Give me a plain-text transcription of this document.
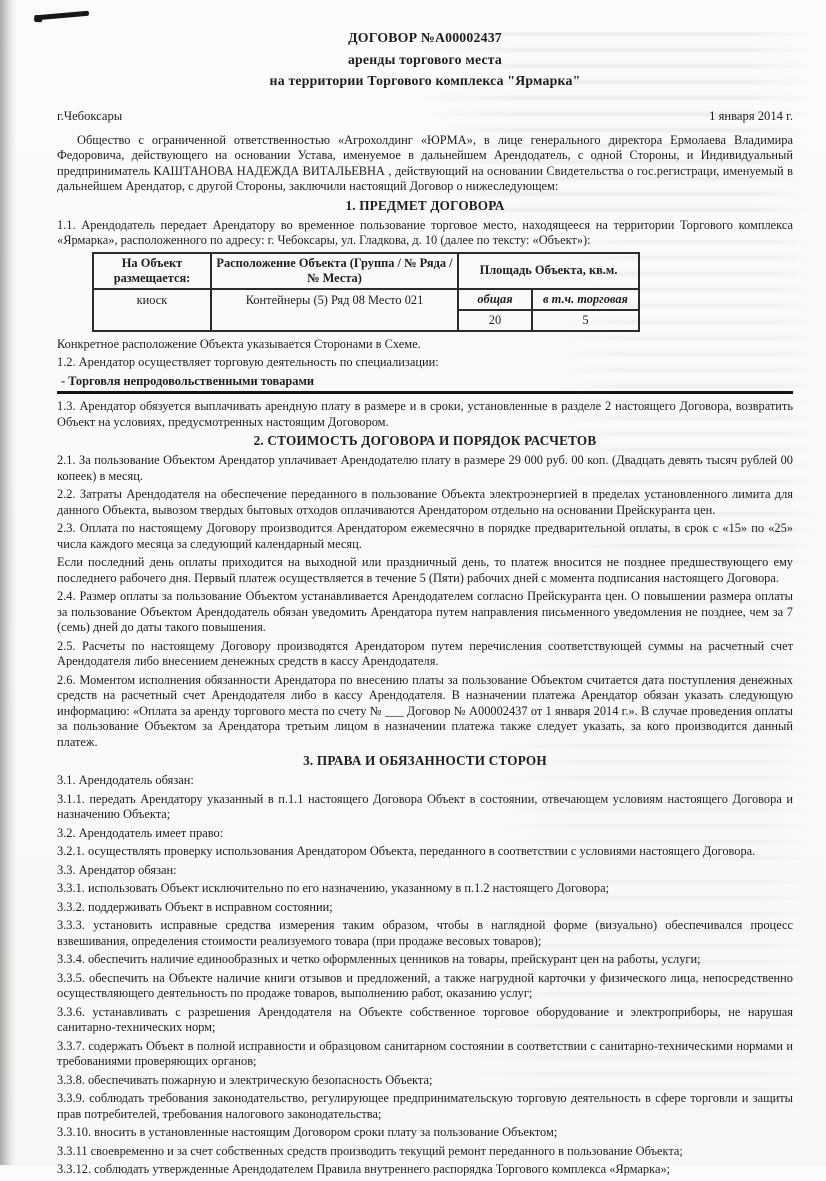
ДОГОВОР №А00002437
аренды торгового места
на территории Торгового комплекса "Ярмарка"
г.Чебоксары	1 января 2014 г.

Общество с ограниченной ответственностью «Агрохолдинг «ЮРМА», в лице генерального директора Ермолаева Владимира Федоровича, действующего на основании Устава, именуемое в дальнейшем Арендодатель, с одной Стороны, и Индивидуальный предприниматель КАШТАНОВА НАДЕЖДА ВИТАЛЬЕВНА , действующий на основании Свидетельства о гос.регистраци, именуемый в дальнейшем Арендатор, с другой Стороны, заключили настоящий Договор о нижеследующем:

1. ПРЕДМЕТ ДОГОВОРА

1.1. Арендодатель передает Арендатору во временное пользование торговое место, находящееся на территории Торгового комплекса «Ярмарка», расположенного по адресу: г. Чебоксары, ул. Гладкова, д. 10 (далее по тексту: «Объект»):

На Объект размещается:	Расположение Объекта (Группа / № Ряда / № Места)	Площадь Объекта, кв.м.	
киоск	Контейнеры (5) Ряд 08 Место 021	общая	в т.ч. торговая
		20	5

Конкретное расположение Объекта указывается Сторонами в Схеме.

1.2. Арендатор осуществляет торговую деятельность по специализации:

- Торговля непродовольственными товарами

1.3. Арендатор обязуется выплачивать арендную плату в размере и в сроки, установленные в разделе 2 настоящего Договора, возвратить Объект на условиях, предусмотренных настоящим Договором.

2. СТОИМОСТЬ ДОГОВОРА И ПОРЯДОК РАСЧЕТОВ

2.1. За пользование Объектом Арендатор уплачивает Арендодателю плату в размере 29 000 руб. 00 коп. (Двадцать девять тысяч рублей 00 копеек) в месяц.

2.2. Затраты Арендодателя на обеспечение переданного в пользование Объекта электроэнергией в пределах установленного лимита для данного Объекта, вывозом твердых бытовых отходов оплачиваются Арендатором отдельно на основании Прейскуранта цен.

2.3. Оплата по настоящему Договору производится Арендатором ежемесячно в порядке предварительной оплаты, в срок с «15» по «25» числа каждого месяца за следующий календарный месяц.

Если последний день оплаты приходится на выходной или праздничный день, то платеж вносится не позднее предшествующего ему последнего рабочего дня. Первый платеж осуществляется в течение 5 (Пяти) рабочих дней с момента подписания настоящего Договора.

2.4. Размер оплаты за пользование Объектом устанавливается Арендодателем согласно Прейскуранта цен. О повышении размера оплаты за пользование Объектом Арендодатель обязан уведомить Арендатора путем направления письменного уведомления не позднее, чем за 7 (семь) дней до даты такого повышения.

2.5. Расчеты по настоящему Договору производятся Арендатором путем перечисления соответствующей суммы на расчетный счет Арендодателя либо внесением денежных средств в кассу Арендодателя.

2.6. Моментом исполнения обязанности Арендатора по внесению платы за пользование Объектом считается дата поступления денежных средств на расчетный счет Арендодателя либо в кассу Арендодателя. В назначении платежа Арендатор обязан указать следующую информацию: «Оплата за аренду торгового места по счету № ___ Договор № А00002437 от 1 января 2014 г.». В случае проведения оплаты за пользование Объектом за Арендатора третьим лицом в назначении платежа также следует указать, за кого производится данный платеж.

3. ПРАВА И ОБЯЗАННОСТИ СТОРОН

3.1. Арендодатель обязан:

3.1.1. передать Арендатору указанный в п.1.1 настоящего Договора Объект в состоянии, отвечающем условиям настоящего Договора и назначению Объекта;

3.2. Арендодатель имеет право:

3.2.1. осуществлять проверку использования Арендатором Объекта, переданного в соответствии с условиями настоящего Договора.

3.3. Арендатор обязан:

3.3.1. использовать Объект исключительно по его назначению, указанному в п.1.2 настоящего Договора;

3.3.2. поддерживать Объект в исправном состоянии;

3.3.3. установить исправные средства измерения таким образом, чтобы в наглядной форме (визуально) обеспечивался процесс взвешивания, определения стоимости реализуемого товара (при продаже весовых товаров);

3.3.4. обеспечить наличие единообразных и четко оформленных ценников на товары, прейскурант цен на работы, услуги;

3.3.5. обеспечить на Объекте наличие книги отзывов и предложений, а также нагрудной карточки у физического лица, непосредственно осуществляющего деятельность по продаже товаров, выполнению работ, оказанию услуг;

3.3.6. устанавливать с разрешения Арендодателя на Объекте собственное торговое оборудование и электроприборы, не нарушая санитарно-технических норм;

3.3.7. содержать Объект в полной исправности и образцовом санитарном состоянии в соответствии с санитарно-техническими нормами и требованиями проверяющих органов;

3.3.8. обеспечивать пожарную и электрическую безопасность Объекта;

3.3.9. соблюдать требования законодательство, регулирующее предпринимательскую торговую деятельность в сфере торговли и защиты прав потребителей, требования налогового законодательства;

3.3.10. вносить в установленные настоящим Договором сроки плату за пользование Объектом;

3.3.11 своевременно и за счет собственных средств производить текущий ремонт переданного в пользование Объекта;

3.3.12. соблюдать утвержденные Арендодателем Правила внутреннего распорядка Торгового комплекса «Ярмарка»;
